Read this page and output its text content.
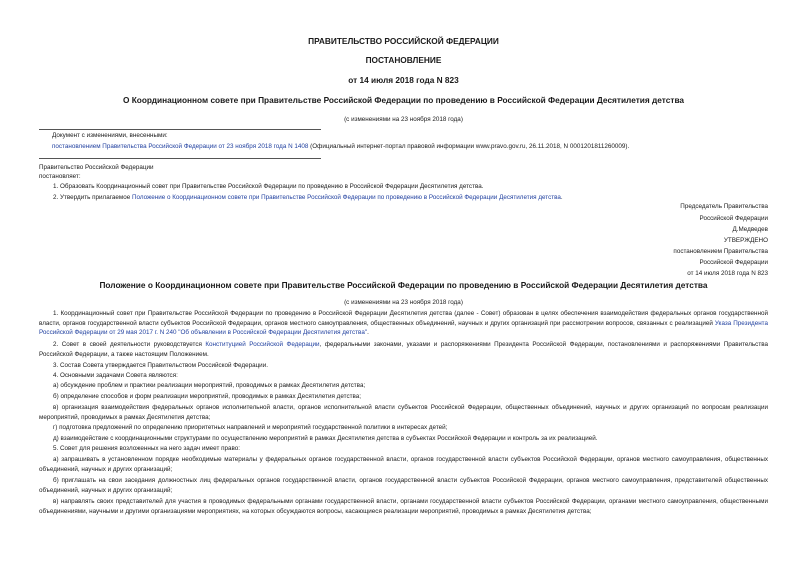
ПРАВИТЕЛЬСТВО РОССИЙСКОЙ ФЕДЕРАЦИИ
ПОСТАНОВЛЕНИЕ
от 14 июля 2018 года N 823
О Координационном совете при Правительстве Российской Федерации по проведению в Российской Федерации Десятилетия детства
(с изменениями на 23 ноября 2018 года)
Документ с изменениями, внесенными:
постановлением Правительства Российской Федерации от 23 ноября 2018 года N 1408 (Официальный интернет-портал правовой информации www.pravo.gov.ru, 26.11.2018, N 0001201811260009).
Правительство Российской Федерации
постановляет:
1. Образовать Координационный совет при Правительстве Российской Федерации по проведению в Российской Федерации Десятилетия детства.
2. Утвердить прилагаемое Положение о Координационном совете при Правительстве Российской Федерации по проведению в Российской Федерации Десятилетия детства.
Председатель Правительства
Российской Федерации
Д.Медведев
УТВЕРЖДЕНО
постановлением Правительства
Российской Федерации
от 14 июля 2018 года N 823
Положение о Координационном совете при Правительстве Российской Федерации по проведению в Российской Федерации Десятилетия детства
(с изменениями на 23 ноября 2018 года)
1. Координационный совет при Правительстве Российской Федерации по проведению в Российской Федерации Десятилетия детства (далее - Совет) образован в целях обеспечения взаимодействия федеральных органов государственной власти, органов государственной власти субъектов Российской Федерации, органов местного самоуправления, общественных объединений, научных и других организаций при рассмотрении вопросов, связанных с реализацией Указа Президента Российской Федерации от 29 мая 2017 г. N 240 "Об объявлении в Российской Федерации Десятилетия детства".
2. Совет в своей деятельности руководствуется Конституцией Российской Федерации, федеральными законами, указами и распоряжениями Президента Российской Федерации, постановлениями и распоряжениями Правительства Российской Федерации, а также настоящим Положением.
3. Состав Совета утверждается Правительством Российской Федерации.
4. Основными задачами Совета являются:
а) обсуждение проблем и практики реализации мероприятий, проводимых в рамках Десятилетия детства;
б) определение способов и форм реализации мероприятий, проводимых в рамках Десятилетия детства;
в) организация взаимодействия федеральных органов исполнительной власти, органов исполнительной власти субъектов Российской Федерации, общественных объединений, научных и других организаций по вопросам реализации мероприятий, проводимых в рамках Десятилетия детства;
г) подготовка предложений по определению приоритетных направлений и мероприятий государственной политики в интересах детей;
д) взаимодействие с координационными структурами по осуществлению мероприятий в рамках Десятилетия детства в субъектах Российской Федерации и контроль за их реализацией.
5. Совет для решения возложенных на него задач имеет право:
а) запрашивать в установленном порядке необходимые материалы у федеральных органов государственной власти, органов государственной власти субъектов Российской Федерации, органов местного самоуправления, общественных объединений, научных и других организаций;
б) приглашать на свои заседания должностных лиц федеральных органов государственной власти, органов государственной власти субъектов Российской Федерации, органов местного самоуправления, представителей общественных объединений, научных и других организаций;
в) направлять своих представителей для участия в проводимых федеральными органами государственной власти, органами государственной власти субъектов Российской Федерации, органами местного самоуправления, общественными объединениями, научными и другими организациями мероприятиях, на которых обсуждаются вопросы, касающиеся реализации мероприятий, проводимых в рамках Десятилетия детства;
